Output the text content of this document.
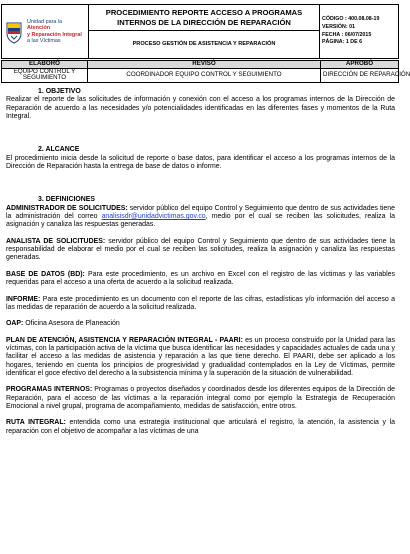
Unidad para la Atención
y Reparación Integral
a las Víctimas

PROCEDIMIENTO REPORTE ACCESO A PROGRAMAS
INTERNOS DE LA DIRECCIÓN DE REPARACIÓN	CÓDIGO : 400.08.08-19
VERSIÓN: 01
FECHA : 06/07/2015
PÁGINA: 1 DE 6

PROCESO GESTIÓN DE ASISTENCIA Y REPARACIÓN
ELABORÓ	REVISÓ	APROBÓ
EQUIPO CONTROL Y SEGUIMIENTO	COORDINADOR EQUIPO CONTROL Y SEGUIMIENTO	DIRECCIÓN DE REPARACIÓN

1. OBJETIVO

Realizar el reporte de las solicitudes de información y conexión con el acceso a los programas internos de la Dirección de Reparación de acuerdo a las necesidades y/o potencialidades identificadas en las diferentes fases y momentos de la Ruta Integral.

2. ALCANCE

El procedimiento inicia desde la solicitud de reporte o base datos, para identificar el acceso a los programas internos de la Dirección de Reparación hasta la entrega de base de datos o informe.

3. DEFINICIONES

ADMINISTRADOR DE SOLICITUDES: servidor público del equipo Control y Seguimiento que dentro de sus actividades tiene la administración del correo analisisdr@unidadvictimas.gov.co, medio por el cual se reciben las solicitudes, realiza la asignación y canaliza las respuestas generadas.

ANALISTA DE SOLICITUDES: servidor público del equipo Control y Seguimiento que dentro de sus actividades tiene la responsabilidad de elaborar el medio por el cual se reciben las solicitudes, realiza la asignación y canaliza las respuestas generadas.

BASE DE DATOS (BD): Para este procedimiento, es un archivo en Excel con el registro de las víctimas y las variables requeridas para el acceso a una oferta de acuerdo a la solicitud realizada.

INFORME: Para este procedimiento es un documento con el reporte de las cifras, estadísticas y/o información del acceso a las medidas de reparación de acuerdo a la solicitud realizada.

OAP: Oficina Asesora de Planeación

PLAN DE ATENCIÓN, ASISTENCIA Y REPARACIÓN INTEGRAL - PAARI: es un proceso construido por la Unidad para las víctimas, con la participación activa de la víctima que busca identificar las necesidades y capacidades actuales de cada una y facilitar el acceso a las medidas de asistencia y reparación a las que tiene derecho. El PAARI, debe ser aplicado a los hogares, teniendo en cuenta los principios de progresividad y gradualidad contemplados en la Ley de Víctimas, permite identificar el goce efectivo del derecho a la subsistencia mínima y la superación de la situación de vulnerabilidad.

PROGRAMAS INTERNOS: Programas o proyectos diseñados y coordinados desde los diferentes equipos de la Dirección de Reparación, para el acceso de las víctimas a la reparación integral como por ejemplo la Estrategia de Recuperación Emocional a nivel grupal, programa de acompañamiento, medidas de satisfacción, entre otros.

RUTA INTEGRAL: entendida como una estrategia institucional que articulará el registro, la atención, la asistencia y la reparación con el objetivo de acompañar a las víctimas de una
